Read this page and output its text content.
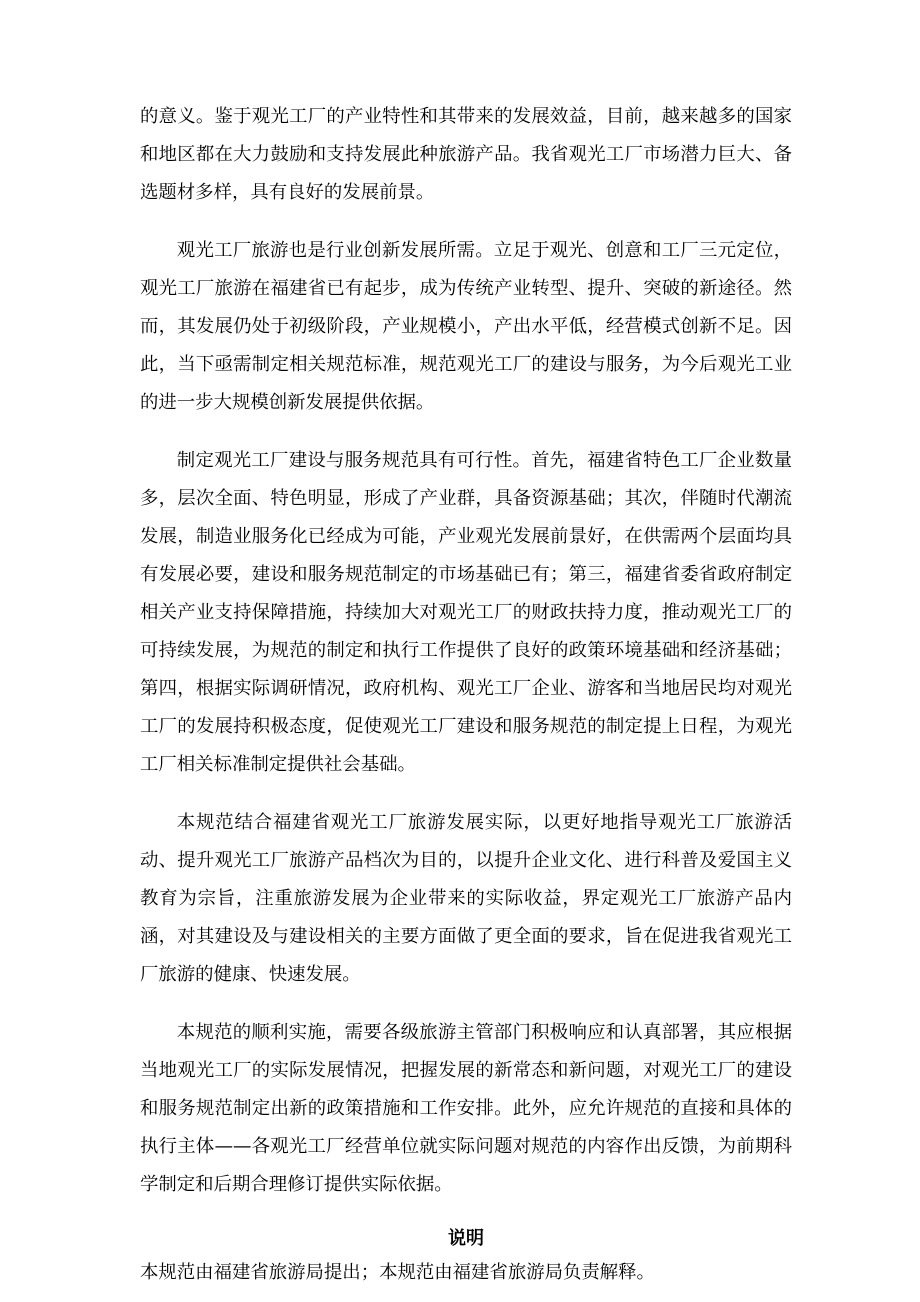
的意义。鉴于观光工厂的产业特性和其带来的发展效益，目前，越来越多的国家和地区都在大力鼓励和支持发展此种旅游产品。我省观光工厂市场潜力巨大、备选题材多样，具有良好的发展前景。

观光工厂旅游也是行业创新发展所需。立足于观光、创意和工厂三元定位，观光工厂旅游在福建省已有起步，成为传统产业转型、提升、突破的新途径。然而，其发展仍处于初级阶段，产业规模小，产出水平低，经营模式创新不足。因此，当下亟需制定相关规范标准，规范观光工厂的建设与服务，为今后观光工业的进一步大规模创新发展提供依据。

制定观光工厂建设与服务规范具有可行性。首先，福建省特色工厂企业数量多，层次全面、特色明显，形成了产业群，具备资源基础；其次，伴随时代潮流发展，制造业服务化已经成为可能，产业观光发展前景好，在供需两个层面均具有发展必要，建设和服务规范制定的市场基础已有；第三，福建省委省政府制定相关产业支持保障措施，持续加大对观光工厂的财政扶持力度，推动观光工厂的可持续发展，为规范的制定和执行工作提供了良好的政策环境基础和经济基础；第四，根据实际调研情况，政府机构、观光工厂企业、游客和当地居民均对观光工厂的发展持积极态度，促使观光工厂建设和服务规范的制定提上日程，为观光工厂相关标准制定提供社会基础。

本规范结合福建省观光工厂旅游发展实际，以更好地指导观光工厂旅游活动、提升观光工厂旅游产品档次为目的，以提升企业文化、进行科普及爱国主义教育为宗旨，注重旅游发展为企业带来的实际收益，界定观光工厂旅游产品内涵，对其建设及与建设相关的主要方面做了更全面的要求，旨在促进我省观光工厂旅游的健康、快速发展。

本规范的顺利实施，需要各级旅游主管部门积极响应和认真部署，其应根据当地观光工厂的实际发展情况，把握发展的新常态和新问题，对观光工厂的建设和服务规范制定出新的政策措施和工作安排。此外，应允许规范的直接和具体的执行主体——各观光工厂经营单位就实际问题对规范的内容作出反馈，为前期科学制定和后期合理修订提供实际依据。

说明

本规范由福建省旅游局提出；本规范由福建省旅游局负责解释。
